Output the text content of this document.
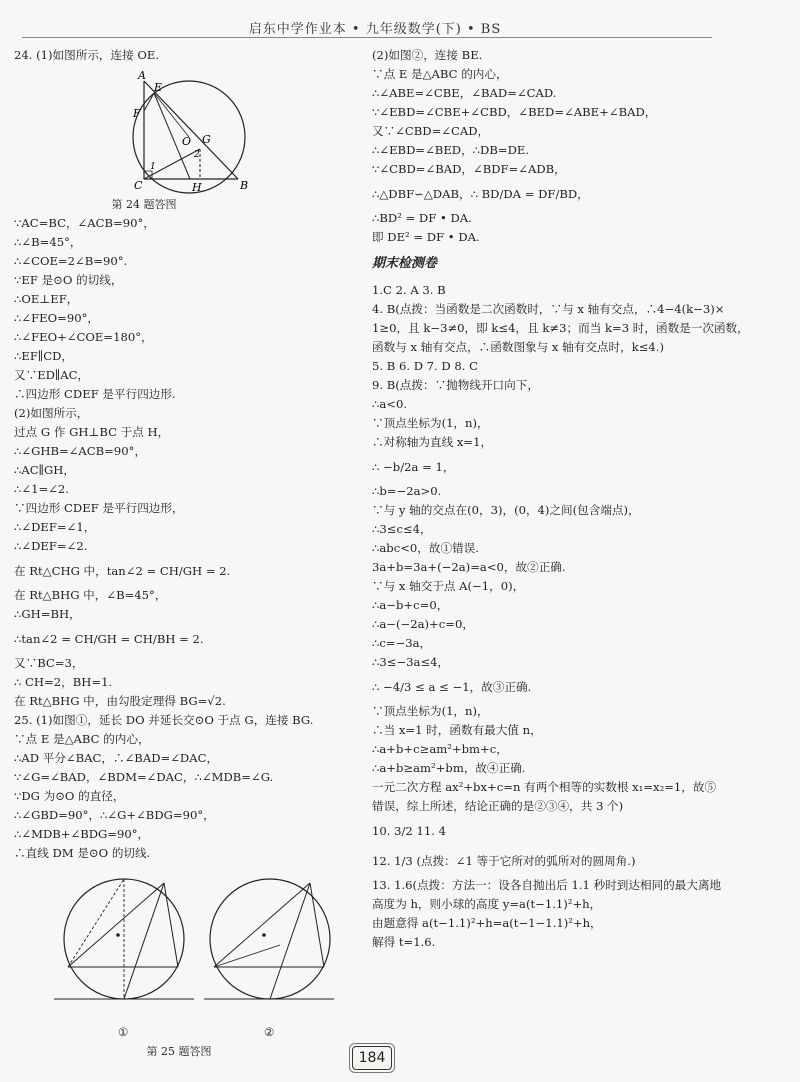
启东中学作业本 • 九年级数学(下) • BS
24. (1)如图所示，连接 OE.
A
E
F
O G
C	H	B
1
2
第 24 题答图
∵AC=BC，∠ACB=90°，
∴∠B=45°，
∴∠COE=2∠B=90°.
∵EF 是⊙O 的切线，
∴OE⊥EF，
∴∠FEO=90°，
∴∠FEO+∠COE=180°，
∴EF∥CD，
又∵ED∥AC，
∴四边形 CDEF 是平行四边形.
(2)如图所示，
过点 G 作 GH⊥BC 于点 H，
∴∠GHB=∠ACB=90°，
∴AC∥GH，
∴∠1=∠2.
∵四边形 CDEF 是平行四边形，
∴∠DEF=∠1，
∴∠DEF=∠2.
在 Rt△CHG 中，tan∠2 = CH/GH = 2.
在 Rt△BHG 中，∠B=45°，
∴GH=BH，
∴tan∠2 = CH/GH = CH/BH = 2.
又∵BC=3，
∴ CH=2，BH=1.
在 Rt△BHG 中，由勾股定理得 BG=√2.
25. (1)如图①，延长 DO 并延长交⊙O 于点 G，连接 BG.
∵点 E 是△ABC 的内心，
∴AD 平分∠BAC，∴∠BAD=∠DAC，
∵∠G=∠BAD，∠BDM=∠DAC，∴∠MDB=∠G.
∵DG 为⊙O 的直径，
∴∠GBD=90°，∴∠G+∠BDG=90°，
∴∠MDB+∠BDG=90°，
∴直线 DM 是⊙O 的切线.
①	②
第 25 题答图
(2)如图②，连接 BE.
∵点 E 是△ABC 的内心，
∴∠ABE=∠CBE，∠BAD=∠CAD.
∵∠EBD=∠CBE+∠CBD，∠BED=∠ABE+∠BAD，
又∵∠CBD=∠CAD，
∴∠EBD=∠BED，∴DB=DE.
∵∠CBD=∠BAD，∠BDF=∠ADB，
∴△DBF∽△DAB，∴ BD/DA = DF/BD，
∴BD² = DF • DA.
即 DE² = DF • DA.
期末检测卷
1.C 2. A 3. B
4. B(点拨：当函数是二次函数时，∵与 x 轴有交点，∴4−4(k−3)×
1≥0，且 k−3≠0，即 k≤4，且 k≠3；而当 k=3 时，函数是一次函数，
函数与 x 轴有交点，∴函数图象与 x 轴有交点时，k≤4.)
5. B 6. D 7. D 8. C
9. B(点拨：∵抛物线开口向下，
∴a<0.
∵顶点坐标为(1，n)，
∴对称轴为直线 x=1，
∴ −b/2a = 1，
∴b=−2a>0.
∵与 y 轴的交点在(0，3)，(0，4)之间(包含端点)，
∴3≤c≤4，
∴abc<0，故①错误.
3a+b=3a+(−2a)=a<0，故②正确.
∵与 x 轴交于点 A(−1，0)，
∴a−b+c=0，
∴a−(−2a)+c=0，
∴c=−3a，
∴3≤−3a≤4，
∴ −4/3 ≤ a ≤ −1，故③正确.
∵顶点坐标为(1，n)，
∴当 x=1 时，函数有最大值 n，
∴a+b+c≥am²+bm+c，
∴a+b≥am²+bm，故④正确.
一元二次方程 ax²+bx+c=n 有两个相等的实数根 x₁=x₂=1，故⑤
错误，综上所述，结论正确的是②③④，共 3 个)
10. 3/2 11. 4
12. 1/3 (点拨：∠1 等于它所对的弧所对的圆周角.)
13. 1.6(点拨：方法一：设各自抛出后 1.1 秒时到达相同的最大离地
高度为 h，则小球的高度 y=a(t−1.1)²+h，
由题意得 a(t−1.1)²+h=a(t−1−1.1)²+h，
解得 t=1.6.
184
